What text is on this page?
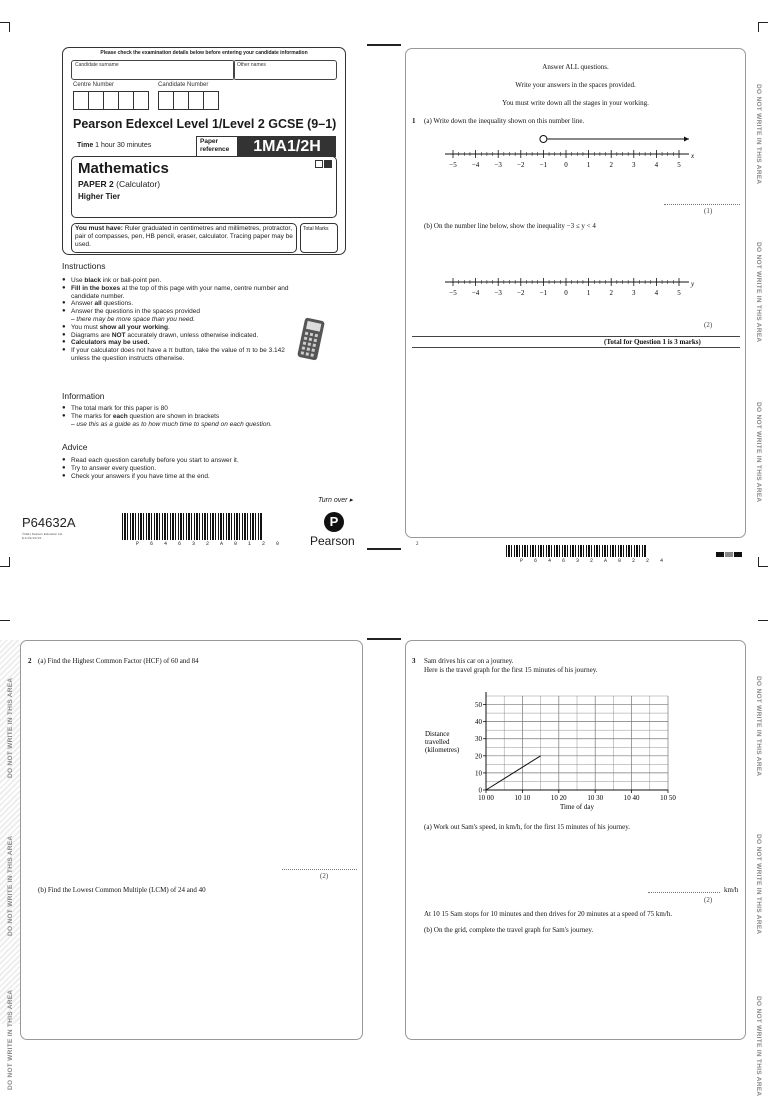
Please check the examination details below before entering your candidate information
Candidate surname	Other names
Centre Number	Candidate Number
Pearson Edexcel Level 1/Level 2 GCSE (9–1)
Time 1 hour 30 minutes
Paper reference	1MA1/2H
Mathematics
PAPER 2 (Calculator)
Higher Tier
You must have: Ruler graduated in centimetres and millimetres, protractor, pair of compasses, pen, HB pencil, eraser, calculator. Tracing paper may be used.
Total Marks
Instructions
● Use black ink or ball-point pen.
● Fill in the boxes at the top of this page with your name, centre number and candidate number.
● Answer all questions.
● Answer the questions in the spaces provided
– there may be more space than you need.
● You must show all your working.
● Diagrams are NOT accurately drawn, unless otherwise indicated.
● Calculators may be used.
● If your calculator does not have a π button, take the value of π to be 3.142 unless the question instructs otherwise.
Information
● The total mark for this paper is 80
● The marks for each question are shown in brackets
– use this as a guide as to how much time to spend on each question.
Advice
● Read each question carefully before you start to answer it.
● Try to answer every question.
● Check your answers if you have time at the end.
Turn over ▸
P64632A
©2021 Pearson Education Ltd.
E:1/1/1/1/1/1/1
P 6 4 6 3 2 A 0 1 2 0
P
Pearson
DO NOT WRITE IN THIS AREA
DO NOT WRITE IN THIS AREA
DO NOT WRITE IN THIS AREA
Answer ALL questions.
Write your answers in the spaces provided.
You must write down all the stages in your working.
1 (a) Write down the inequality shown on this number line.
−5 −4 −3 −2 −1 0	1	2	3	4	5
x
(1)
(b) On the number line below, show the inequality −3 ≤ y < 4
−5 −4 −3 −2 −1 0	1	2	3	4	5
y
(2)
(Total for Question 1 is 3 marks)
2
P 6 4 6 3 2 A 0 2 2 4
DO NOT WRITE IN THIS AREA
DO NOT WRITE IN THIS AREA
DO NOT WRITE IN THIS AREA
2 (a) Find the Highest Common Factor (HCF) of 60 and 84
(2)
(b) Find the Lowest Common Multiple (LCM) of 24 and 40
DO NOT WRITE IN THIS AREA
DO NOT WRITE IN THIS AREA
DO NOT WRITE IN THIS AREA
3 Sam drives his car on a journey.
Here is the travel graph for the first 15 minutes of his journey.
0
10
20
30
40
50
10 00	10 10	10 20	10 30	10 40	10 50
Time of day
Distance
travelled
(kilometres)
(a) Work out Sam's speed, in km/h, for the first 15 minutes of his journey.
km/h
(2)
At 10 15 Sam stops for 10 minutes and then drives for 20 minutes at a speed of 75 km/h.
(b) On the grid, complete the travel graph for Sam's journey.
